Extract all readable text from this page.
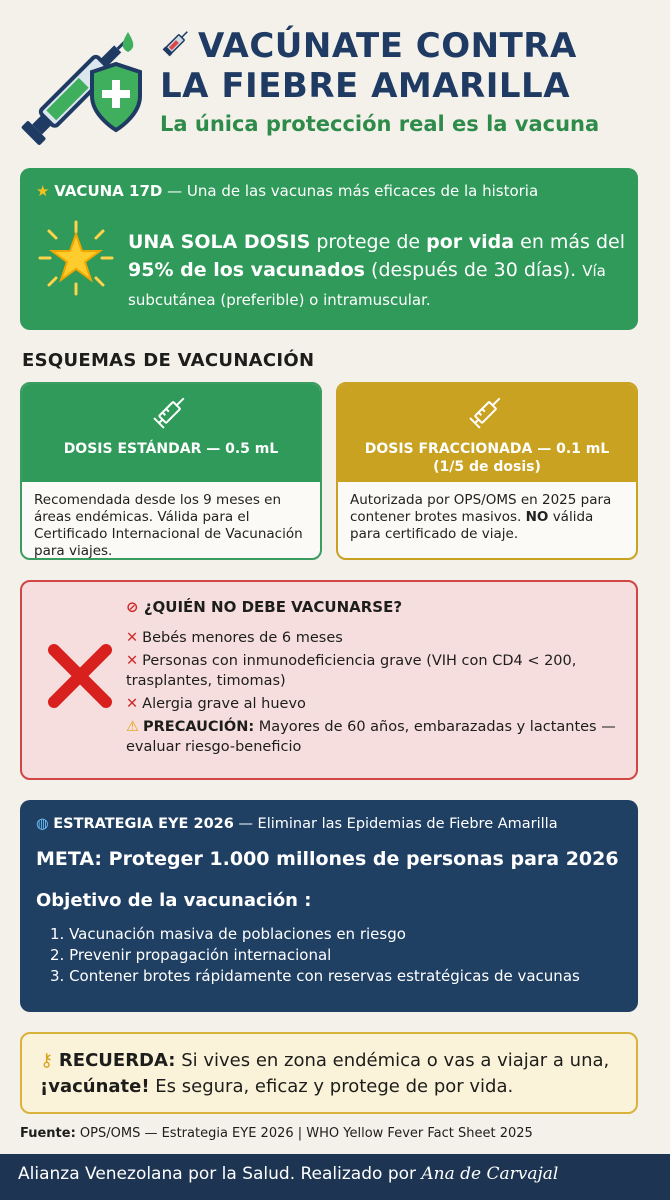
VACÚNATE CONTRA
LA FIEBRE AMARILLA
La única protección real es la vacuna
★ VACUNA 17D — Una de las vacunas más eficaces de la historia
UNA SOLA DOSIS protege de por vida en más del 95% de los vacunados (después de 30 días). Vía subcutánea (preferible) o intramuscular.
ESQUEMAS DE VACUNACIÓN
DOSIS ESTÁNDAR — 0.5 mL
Recomendada desde los 9 meses en áreas endémicas. Válida para el Certificado Internacional de Vacunación para viajes.
DOSIS FRACCIONADA — 0.1 mL
(1/5 de dosis)
Autorizada por OPS/OMS en 2025 para contener brotes masivos. NO válida para certificado de viaje.
⊘ ¿QUIÉN NO DEBE VACUNARSE?
✕ Bebés menores de 6 meses
✕ Personas con inmunodeficiencia grave (VIH con CD4 < 200, trasplantes, timomas)
✕ Alergia grave al huevo
⚠ PRECAUCIÓN: Mayores de 60 años, embarazadas y lactantes — evaluar riesgo-beneficio
◍ ESTRATEGIA EYE 2026 — Eliminar las Epidemias de Fiebre Amarilla
META: Proteger 1.000 millones de personas para 2026
Objetivo de la vacunación :
1. Vacunación masiva de poblaciones en riesgo
2. Prevenir propagación internacional
3. Contener brotes rápidamente con reservas estratégicas de vacunas
⚷ RECUERDA: Si vives en zona endémica o vas a viajar a una, ¡vacúnate! Es segura, eficaz y protege de por vida.
Fuente: OPS/OMS — Estrategia EYE 2026 | WHO Yellow Fever Fact Sheet 2025
Alianza Venezolana por la Salud. Realizado por Ana de Carvajal
